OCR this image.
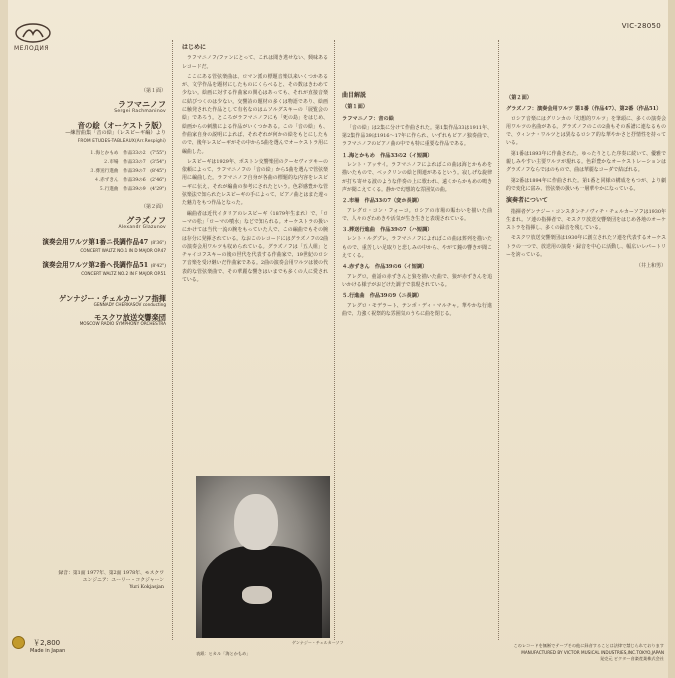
МЕЛОДИЯ
VIC-28050
（第１面）
ラフマニノフ
Sergei Rachmaninov
音の絵（オーケストラ版）
—練習曲集「音の絵」（レスピーギ編）より
FROM ETUDES-TABLEAUX(Arr.Respighi)
１.海とかもめ　作品33の2　(7'55")
２.市場　作品33の7　(3'54")
３.葬送行進曲　作品39の7　(8'45")
４.赤ずきん　作品39の6　(2'46")
５.行進曲　作品39の9　(4'29")
（第２面）
グラズノフ
Alexandr Glazunov
演奏会用ワルツ第1番ニ長調作品47 (8'36")
CONCERT WALTZ NO.1 IN D MAJOR OP.47
演奏会用ワルツ第2番ヘ長調作品51 (8'42")
CONCERT WALTZ NO.2 IN F MAJOR OP.51
ゲンナジー・チェルカーソフ指揮
GENNADY CHERKASOV conducting
モスクワ放送交響楽団
MOSCOW RADIO SYMPHONY ORCHESTRA
録音：第1面 1977年、第2面 1978年、モスクワ
エンジニア：ユーリー・コクジャーン
Yuri Kokjasjan
￥2,800
Made in Japan
はじめに

ラフマニノフ/ファンにとって、これは聞き逃せない、興味あるレコードだ。

ここにある管弦楽曲は、ロマン派の標題音楽以来いくつかあるが、文学作品を題材にしたものにくらべると、その数はきわめて少ない。絵画に対する作曲家の関心はあっても、それが直接音楽に結びつくのは少ない。交響詩の題材の多くは物語であり、絵画に触発された作品として有名なのはムソルグスキーの「展覧会の絵」であろう。ところがラフマニノフにも「死の島」をはじめ、絵画からの刺激による作品がいくつかある。この「音の絵」も、作曲家自身の説明によれば、それぞれが何かの絵をもとにしたもので、後年レスピーギがその中から5曲を選んでオーケストラ用に編曲した。

レスピーギは1929年、ボストン交響楽団のクーセヴィツキーの依頼によって、ラフマニノフの「音の絵」から5曲を選んで管弦楽用に編曲した。ラフマニノフ自身が各曲の標題的な内容をレスピーギに伝え、それが編曲の参考にされたという。色彩感豊かな管弦楽法で知られたレスピーギの手によって、ピアノ曲とはまた違った魅力をもつ作品となった。

編曲者は近代イタリアのレスピーギ（1879年生まれ）で、「ローマの松」「ローマの噴水」などで知られる。オーケストラの扱いにかけては当代一流の腕をもっていた人で、この編曲でもその腕は存分に発揮されている。なおこのレコードにはグラズノフの2曲の演奏会用ワルツも収められている。グラズノフは「五人組」とチャイコフスキーの後の世代を代表する作曲家で、19世紀のロシア音楽を受け継いだ作曲家である。2曲の演奏会用ワルツは彼の代表的な管弦楽曲で、その華麗な響きはいまでも多くの人に愛されている。

ゲンナジー・チェルカーソフ
表紙：ヒカル「海とかもめ」
曲目解説
（第１面）
ラフマニノフ：音の絵

「音の絵」は2集に分けて作曲された。第1集作品33は1911年、第2集作品39は1916～17年に作られ、いずれもピアノ独奏曲で、ラフマニノフのピアノ曲の中でも特に重要な作品である。

１.海とかもめ　作品33の2（イ短調）

レント・アッサイ。ラフマニノフによればこの曲は海とかもめを描いたもので、ベックリンの絵と関連があるという。寂しげな旋律が打ち寄せる波のような伴奏の上に歌われ、遠くからかもめの鳴き声が聞こえてくる。静かで幻想的な雰囲気の曲。

２.市場　作品33の7（変ホ長調）

アレグロ・コン・フォーコ。ロシアの市場の賑わいを描いた曲で、人々のざわめきや活気が生き生きと表現されている。

３.葬送行進曲　作品39の7（ハ短調）

レント・ルグブレ。ラフマニノフによればこの曲は葬列を描いたもので、重苦しい足取りと悲しみの中から、やがて鐘の響きが聞こえてくる。

４.赤ずきん　作品39の6（イ短調）

アレグロ。童話の赤ずきんと狼を描いた曲で、狼が赤ずきんを追いかける様子がおどけた調子で表現されている。

５.行進曲　作品39の9（ニ長調）

アレグロ・モデラート、テンポ・ディ・マルチャ。華やかな行進曲で、力強く祝祭的な雰囲気のうちに曲を閉じる。

（第２面）
グラズノフ：演奏会用ワルツ 第1番（作品47）、第2番（作品51）

ロシア音楽にはグリンカの「幻想的ワルツ」を筆頭に、多くの演奏会用ワルツの名曲がある。グラズノフのこの2曲もその系譜に連なるもので、ウィンナ・ワルツとは異なるロシア的な華やかさと抒情性を持っている。

第1番は1893年に作曲された。ゆったりとした序奏に続いて、優雅で親しみやすい主要ワルツが現れる。色彩豊かなオーケストレーションはグラズノフならではのもので、曲は華麗なコーダで結ばれる。

第2番は1894年に作曲された。第1番と同様の構成をもつが、より劇的で変化に富み、管弦楽の扱いも一層華やかになっている。

演奏者について

指揮者ゲンナジー・コンスタンチノヴィチ・チェルカーソフは1930年生まれ。ソ連の指揮者で、モスクワ放送交響楽団をはじめ各地のオーケストラを指揮し、多くの録音を残している。

モスクワ放送交響楽団は1930年に創立されたソ連を代表するオーケストラの一つで、放送用の演奏・録音を中心に活動し、幅広いレパートリーを誇っている。

（井上和男）
このレコードを無断でテープその他に録音することは法律で禁じられております
MANUFACTURED BY VICTOR MUSICAL INDUSTRIES,INC.TOKYO,JAPAN
発売元 ビクター音楽産業株式会社
